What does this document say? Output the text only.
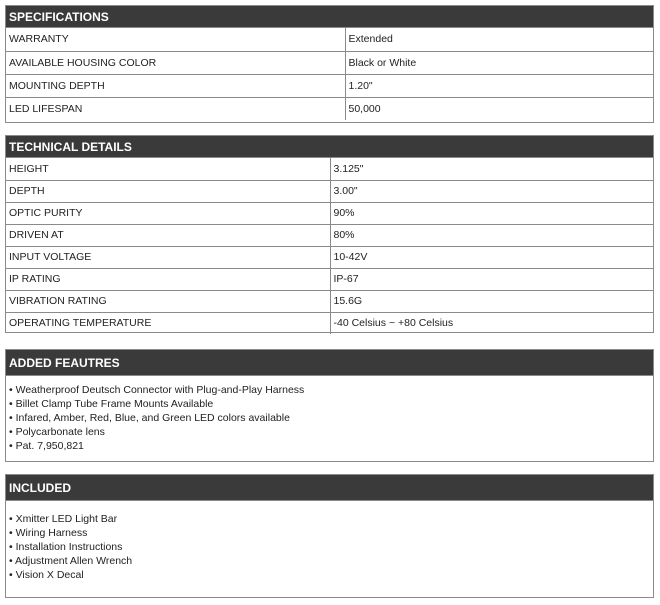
SPECIFICATIONS
WARRANTY	Extended
AVAILABLE HOUSING COLOR	Black or White
MOUNTING DEPTH	1.20"
LED LIFESPAN	50,000
TECHNICAL DETAILS
HEIGHT	3.125"
DEPTH	3.00"
OPTIC PURITY	90%
DRIVEN AT	80%
INPUT VOLTAGE	10-42V
IP RATING	IP-67
VIBRATION RATING	15.6G
OPERATING TEMPERATURE	-40 Celsius ~ +80 Celsius
ADDED FEAUTRES
• Weatherproof Deutsch Connector with Plug-and-Play Harness
• Billet Clamp Tube Frame Mounts Available
• Infared, Amber, Red, Blue, and Green LED colors available
• Polycarbonate lens
• Pat. 7,950,821
INCLUDED
• Xmitter LED Light Bar
• Wiring Harness
• Installation Instructions
• Adjustment Allen Wrench
• Vision X Decal
